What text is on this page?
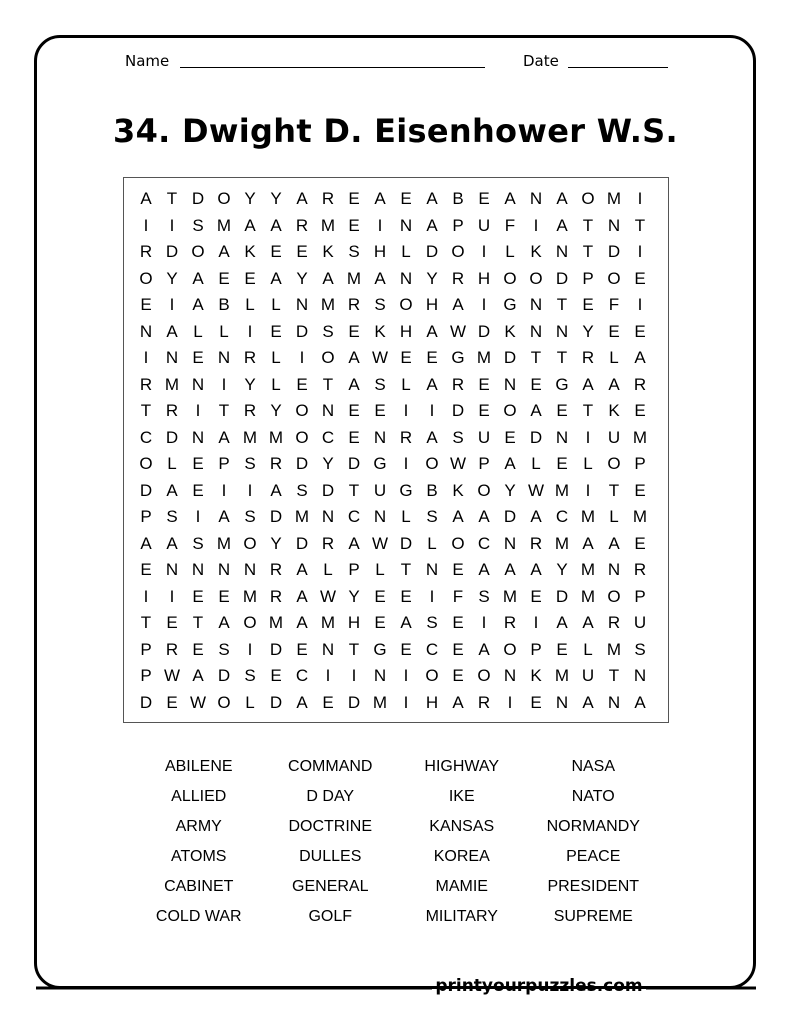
Name	Date
34. Dwight D. Eisenhower W.S.
A T D O Y Y A R E A E A B E A N A O M I
I	I	S M A A R M E	I	N A P U F	I	A T N T
R D O A K E E K S H L D O	I	L K N T D	I
O Y A E E A Y A M A N Y R H O O D P O E
E	I	A B L L N M R S O H A	I	G N T E F	I
N A L L	I	E D S E K H A W D K N N Y E E
I	N E N R L	I	O A W E E G M D T T R L A
R M N	I	Y L E T A S L A R E N E G A A R
T R	I	T R Y O N E E	I	I	D E O A E T K E
C D N A M M O C E N R A S U E D N	I	U M
O L E P S R D Y D G	I	O W P A L E L O P
D A E	I	I	A S D T U G B K O Y W M I	T E
P S	I	A S D M N C N L S A A D A C M L M
A A S M O Y D R A W D L O C N R M A A E
E N N N N R A L P L T N E A A A Y M N R
I	I	E E M R A W Y E E	I	F S M E D M O P
T E T A O M A M H E A S E	I	R	I	A A R U
P R E S	I	D E N T G E C E A O P E L M S
P W A D S E C	I	I	N	I	O E O N K M U T N
D E W O L D A E D M I	H A R	I	E N A N A
ABILENE	COMMAND	HIGHWAY	NASA
ALLIED	D DAY	IKE	NATO
ARMY	DOCTRINE	KANSAS	NORMANDY
ATOMS	DULLES	KOREA	PEACE
CABINET	GENERAL	MAMIE	PRESIDENT
COLD WAR	GOLF	MILITARY	SUPREME
printyourpuzzles.com
